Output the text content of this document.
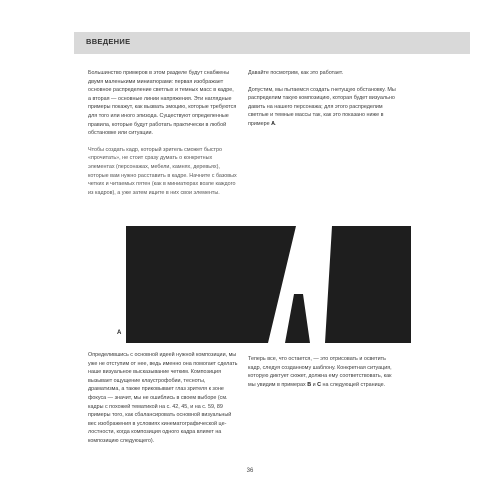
ВВЕДЕНИЕ

Большинство примеров в этом разделе будут снабжены двумя маленькими миниатюрами: первая изображает основное распределение светлых и темных масс в кадре, а вторая — основные линии напряжения. Эти наглядные примеры покажут, как вызвать эмоцию, которые требуются для того или иного эпизода. Существуют определенные правила, которые будут работать практически в любой обстановке или ситуации.

Чтобы создать кадр, который зритель сможет быстро «прочитать», не стоит сразу думать о конкретных элементах (персонажах, мебели, камнях, деревьях), которые вам нужно расставить в кадре. Начните с базовых четких и читаемых пятен (как в миниатюрах возле каждого из кадров), а уже затем ищите в них свои элементы.

Давайте посмотрим, как это работает.

Допустим, мы пытаемся создать гнетущую обстановку. Мы распределим такую композицию, которая будет визуально давить на нашего персонажа; для этого распределим светлые и темные массы так, как это показано ниже в примере А.

А

Определившись с основной идеей нужной композиции, мы уже не отступим от нее, ведь именно она помогает сделать наше визуальное высказывание четким. Композиция вызывает ощущение клаустрофобии, тесноты, драматизма, а также приковывает глаз зрителя к зоне фокуса — значит, мы не ошиблись в своем выборе (см. кадры с похожей тематикой на с. 42, 45, и на с. 59, 89 примеры того, как сбалансировать основной визуальный вес изображения в условиях кинематографической целостности, когда композиция одного кадра влияет на композицию следующего).

Теперь все, что остается, — это отрисовать и осветить кадр, следуя созданному шаблону. Конкретная ситуация, которую диктует сюжет, должна ему соответствовать, как мы увидим в примерах В и С на следующей странице.

36
